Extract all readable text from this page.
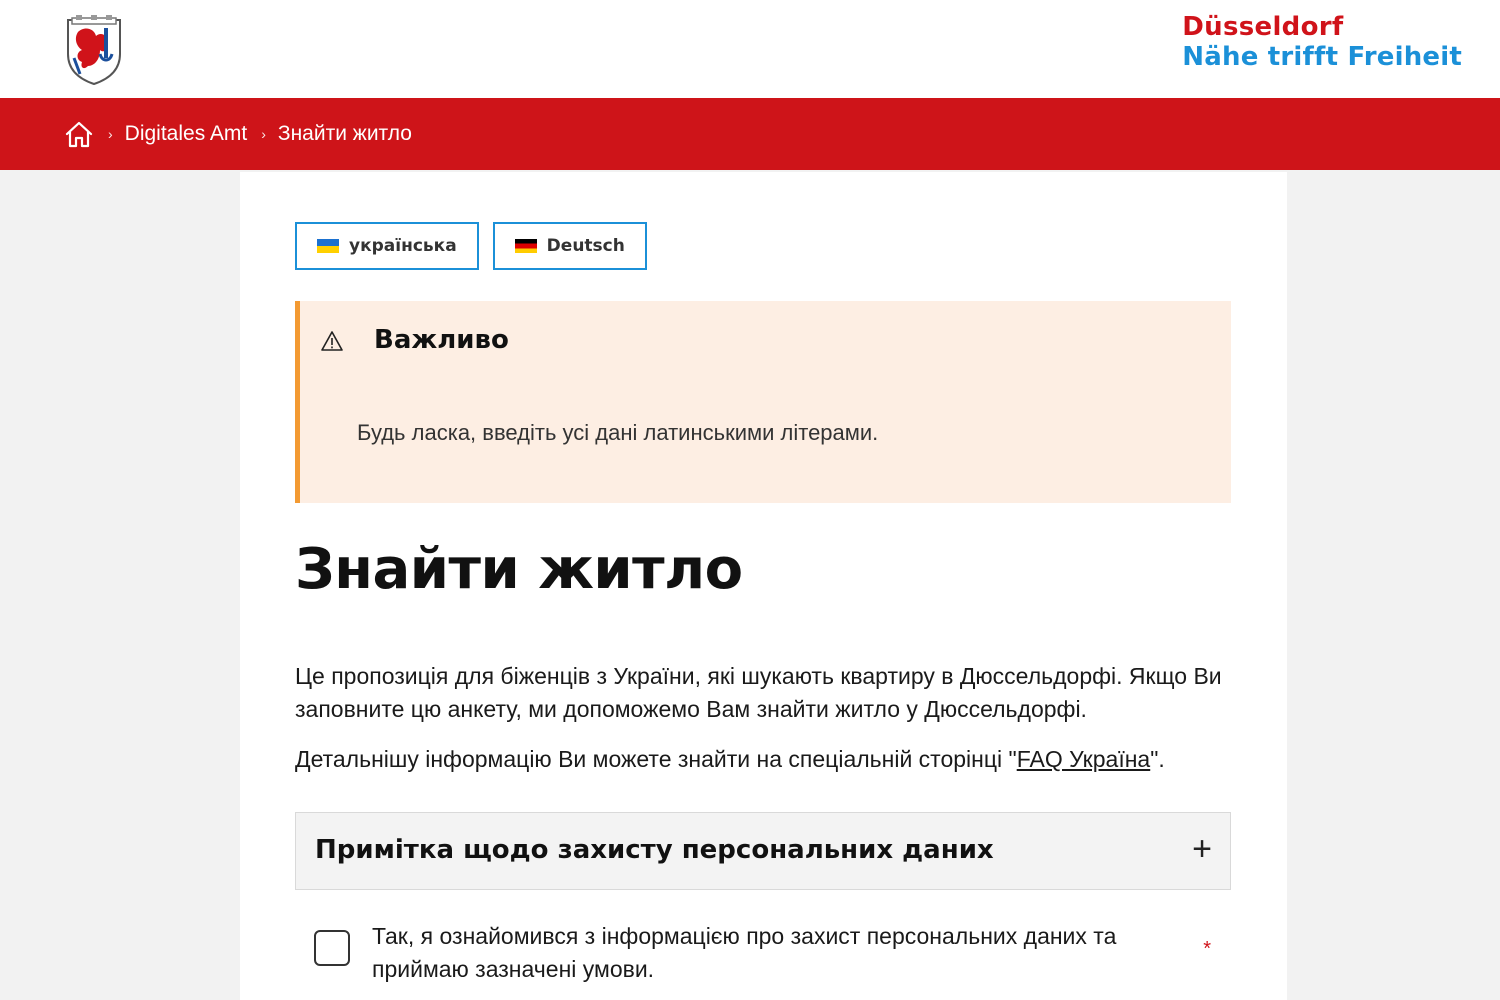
Düsseldorf
Nähe trifft Freiheit
› Digitales Amt › Знайти житло
українська	Deutsch
Важливо
Будь ласка, введіть усі дані латинськими літерами.
Знайти житло

Це пропозиція для біженців з України, які шукають квартиру в Дюссельдорфі. Якщо Ви заповните цю анкету, ми допоможемо Вам знайти житло у Дюссельдорфі.

Детальнішу інформацію Ви можете знайти на спеціальній сторінці "FAQ Україна".

Примітка щодо захисту персональних даних	+
Так, я ознайомився з інформацією про захист персональних даних та приймаю зазначені умови.
*
